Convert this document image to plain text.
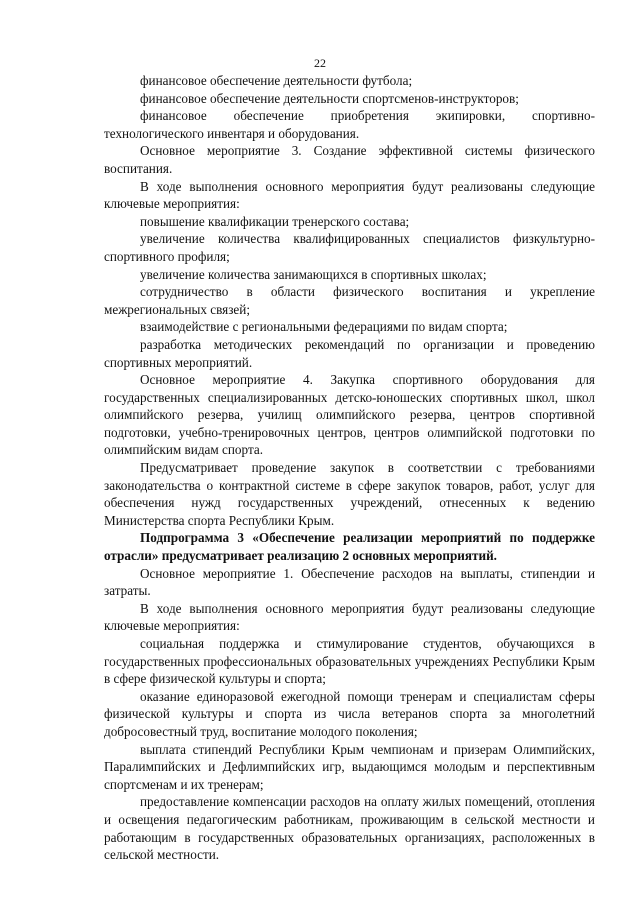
22

финансовое обеспечение деятельности футбола;

финансовое обеспечение деятельности спортсменов-инструкторов;

финансовое обеспечение приобретения экипировки, спортивно-технологического инвентаря и оборудования.

Основное мероприятие 3. Создание эффективной системы физического воспитания.

В ходе выполнения основного мероприятия будут реализованы следующие ключевые мероприятия:

повышение квалификации тренерского состава;

увеличение количества квалифицированных специалистов физкультурно-спортивного профиля;

увеличение количества занимающихся в спортивных школах;

сотрудничество в области физического воспитания и укрепление межрегиональных связей;

взаимодействие с региональными федерациями по видам спорта;

разработка методических рекомендаций по организации и проведению спортивных мероприятий.

Основное мероприятие 4. Закупка спортивного оборудования для государственных специализированных детско-юношеских спортивных школ, школ олимпийского резерва, училищ олимпийского резерва, центров спортивной подготовки, учебно-тренировочных центров, центров олимпийской подготовки по олимпийским видам спорта.

Предусматривает проведение закупок в соответствии с требованиями законодательства о контрактной системе в сфере закупок товаров, работ, услуг для обеспечения нужд государственных учреждений, отнесенных к ведению Министерства спорта Республики Крым.

Подпрограмма 3 «Обеспечение реализации мероприятий по поддержке отрасли» предусматривает реализацию 2 основных мероприятий.

Основное мероприятие 1. Обеспечение расходов на выплаты, стипендии и затраты.

В ходе выполнения основного мероприятия будут реализованы следующие ключевые мероприятия:

социальная поддержка и стимулирование студентов, обучающихся в государственных профессиональных образовательных учреждениях Республики Крым в сфере физической культуры и спорта;

оказание единоразовой ежегодной помощи тренерам и специалистам сферы физической культуры и спорта из числа ветеранов спорта за многолетний добросовестный труд, воспитание молодого поколения;

выплата стипендий Республики Крым чемпионам и призерам Олимпийских, Паралимпийских и Дефлимпийских игр, выдающимся молодым и перспективным спортсменам и их тренерам;

предоставление компенсации расходов на оплату жилых помещений, отопления и освещения педагогическим работникам, проживающим в сельской местности и работающим в государственных образовательных организациях, расположенных в сельской местности.
